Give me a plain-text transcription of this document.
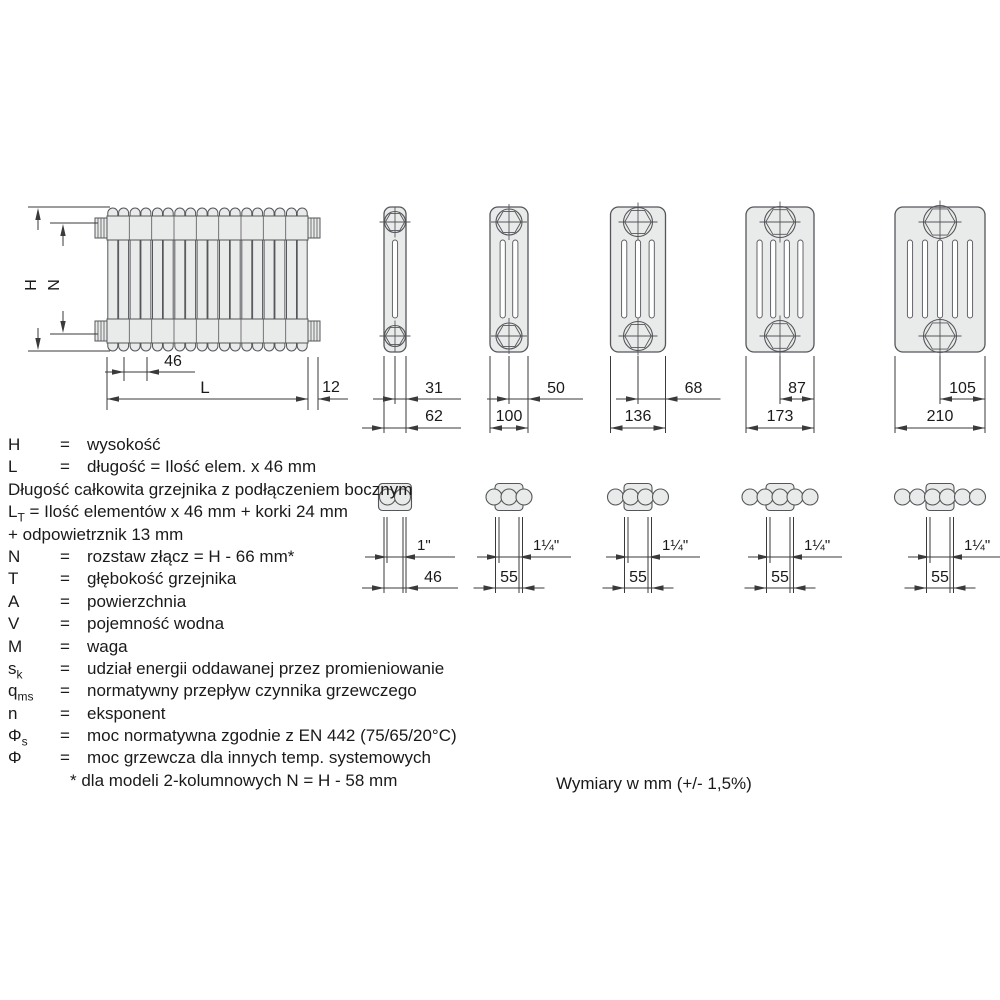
H N
46
L	12	31
62
1"
46
50
100
1¼"
55
68
136
1¼"
55
87
173
1¼"
55
105
210
1¼"
55
H	=	wysokość
L	=	długość = Ilość elem. x 46 mm
Długość całkowita grzejnika z podłączeniem bocznym
$L_T$ = Ilość elementów x 46 mm + korki 24 mm
+ odpowietrznik 13 mm
N	=	rozstaw złącz = H - 66 mm*
T	=	głębokość grzejnika
A	=	powierzchnia
V	=	pojemność wodna
M	=	waga
$s_k$	=	udział energii oddawanej przez promieniowanie
$q_{ms}$	=	normatywny przepływ czynnika grzewczego
n	=	eksponent
$\Phi_s$	=	moc normatywna zgodnie z EN 442 (75/65/20°C)
Φ	=	moc grzewcza dla innych temp. systemowych
* dla modeli 2-kolumnowych N = H - 58 mm	Wymiary w mm (+/- 1,5%)
